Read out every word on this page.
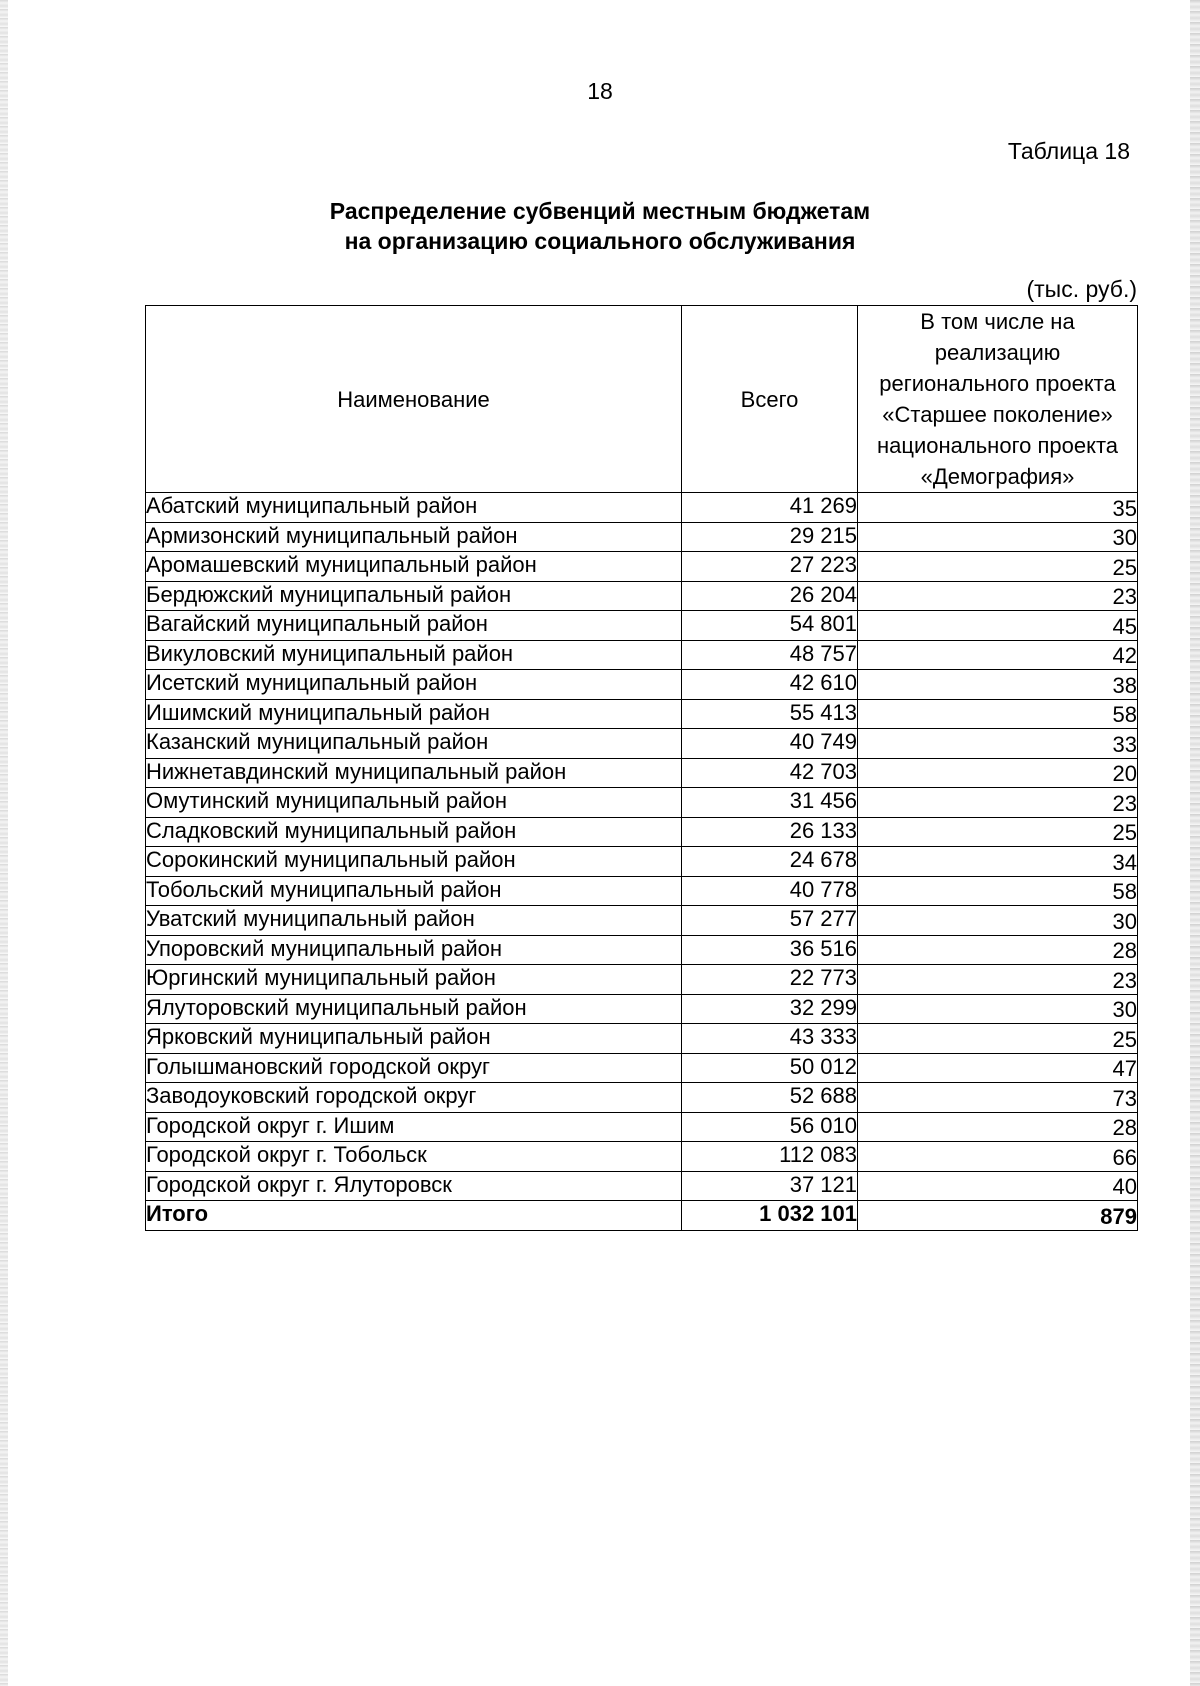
18
Таблица 18
Распределение субвенций местным бюджетам
на организацию социального обслуживания
(тыс. руб.)
Наименование	Всего	В том числе на реализацию регионального проекта «Старшее поколение» национального проекта «Демография»
Абатский муниципальный район	41 269	35
Армизонский муниципальный район	29 215	30
Аромашевский муниципальный район	27 223	25
Бердюжский муниципальный район	26 204	23
Вагайский муниципальный район	54 801	45
Викуловский муниципальный район	48 757	42
Исетский муниципальный район	42 610	38
Ишимский муниципальный район	55 413	58
Казанский муниципальный район	40 749	33
Нижнетавдинский муниципальный район	42 703	20
Омутинский муниципальный район	31 456	23
Сладковский муниципальный район	26 133	25
Сорокинский муниципальный район	24 678	34
Тобольский муниципальный район	40 778	58
Уватский муниципальный район	57 277	30
Упоровский муниципальный район	36 516	28
Юргинский муниципальный район	22 773	23
Ялуторовский муниципальный район	32 299	30
Ярковский муниципальный район	43 333	25
Голышмановский городской округ	50 012	47
Заводоуковский городской округ	52 688	73
Городской округ г. Ишим	56 010	28
Городской округ г. Тобольск	112 083	66
Городской округ г. Ялуторовск	37 121	40
Итого	1 032 101	879
